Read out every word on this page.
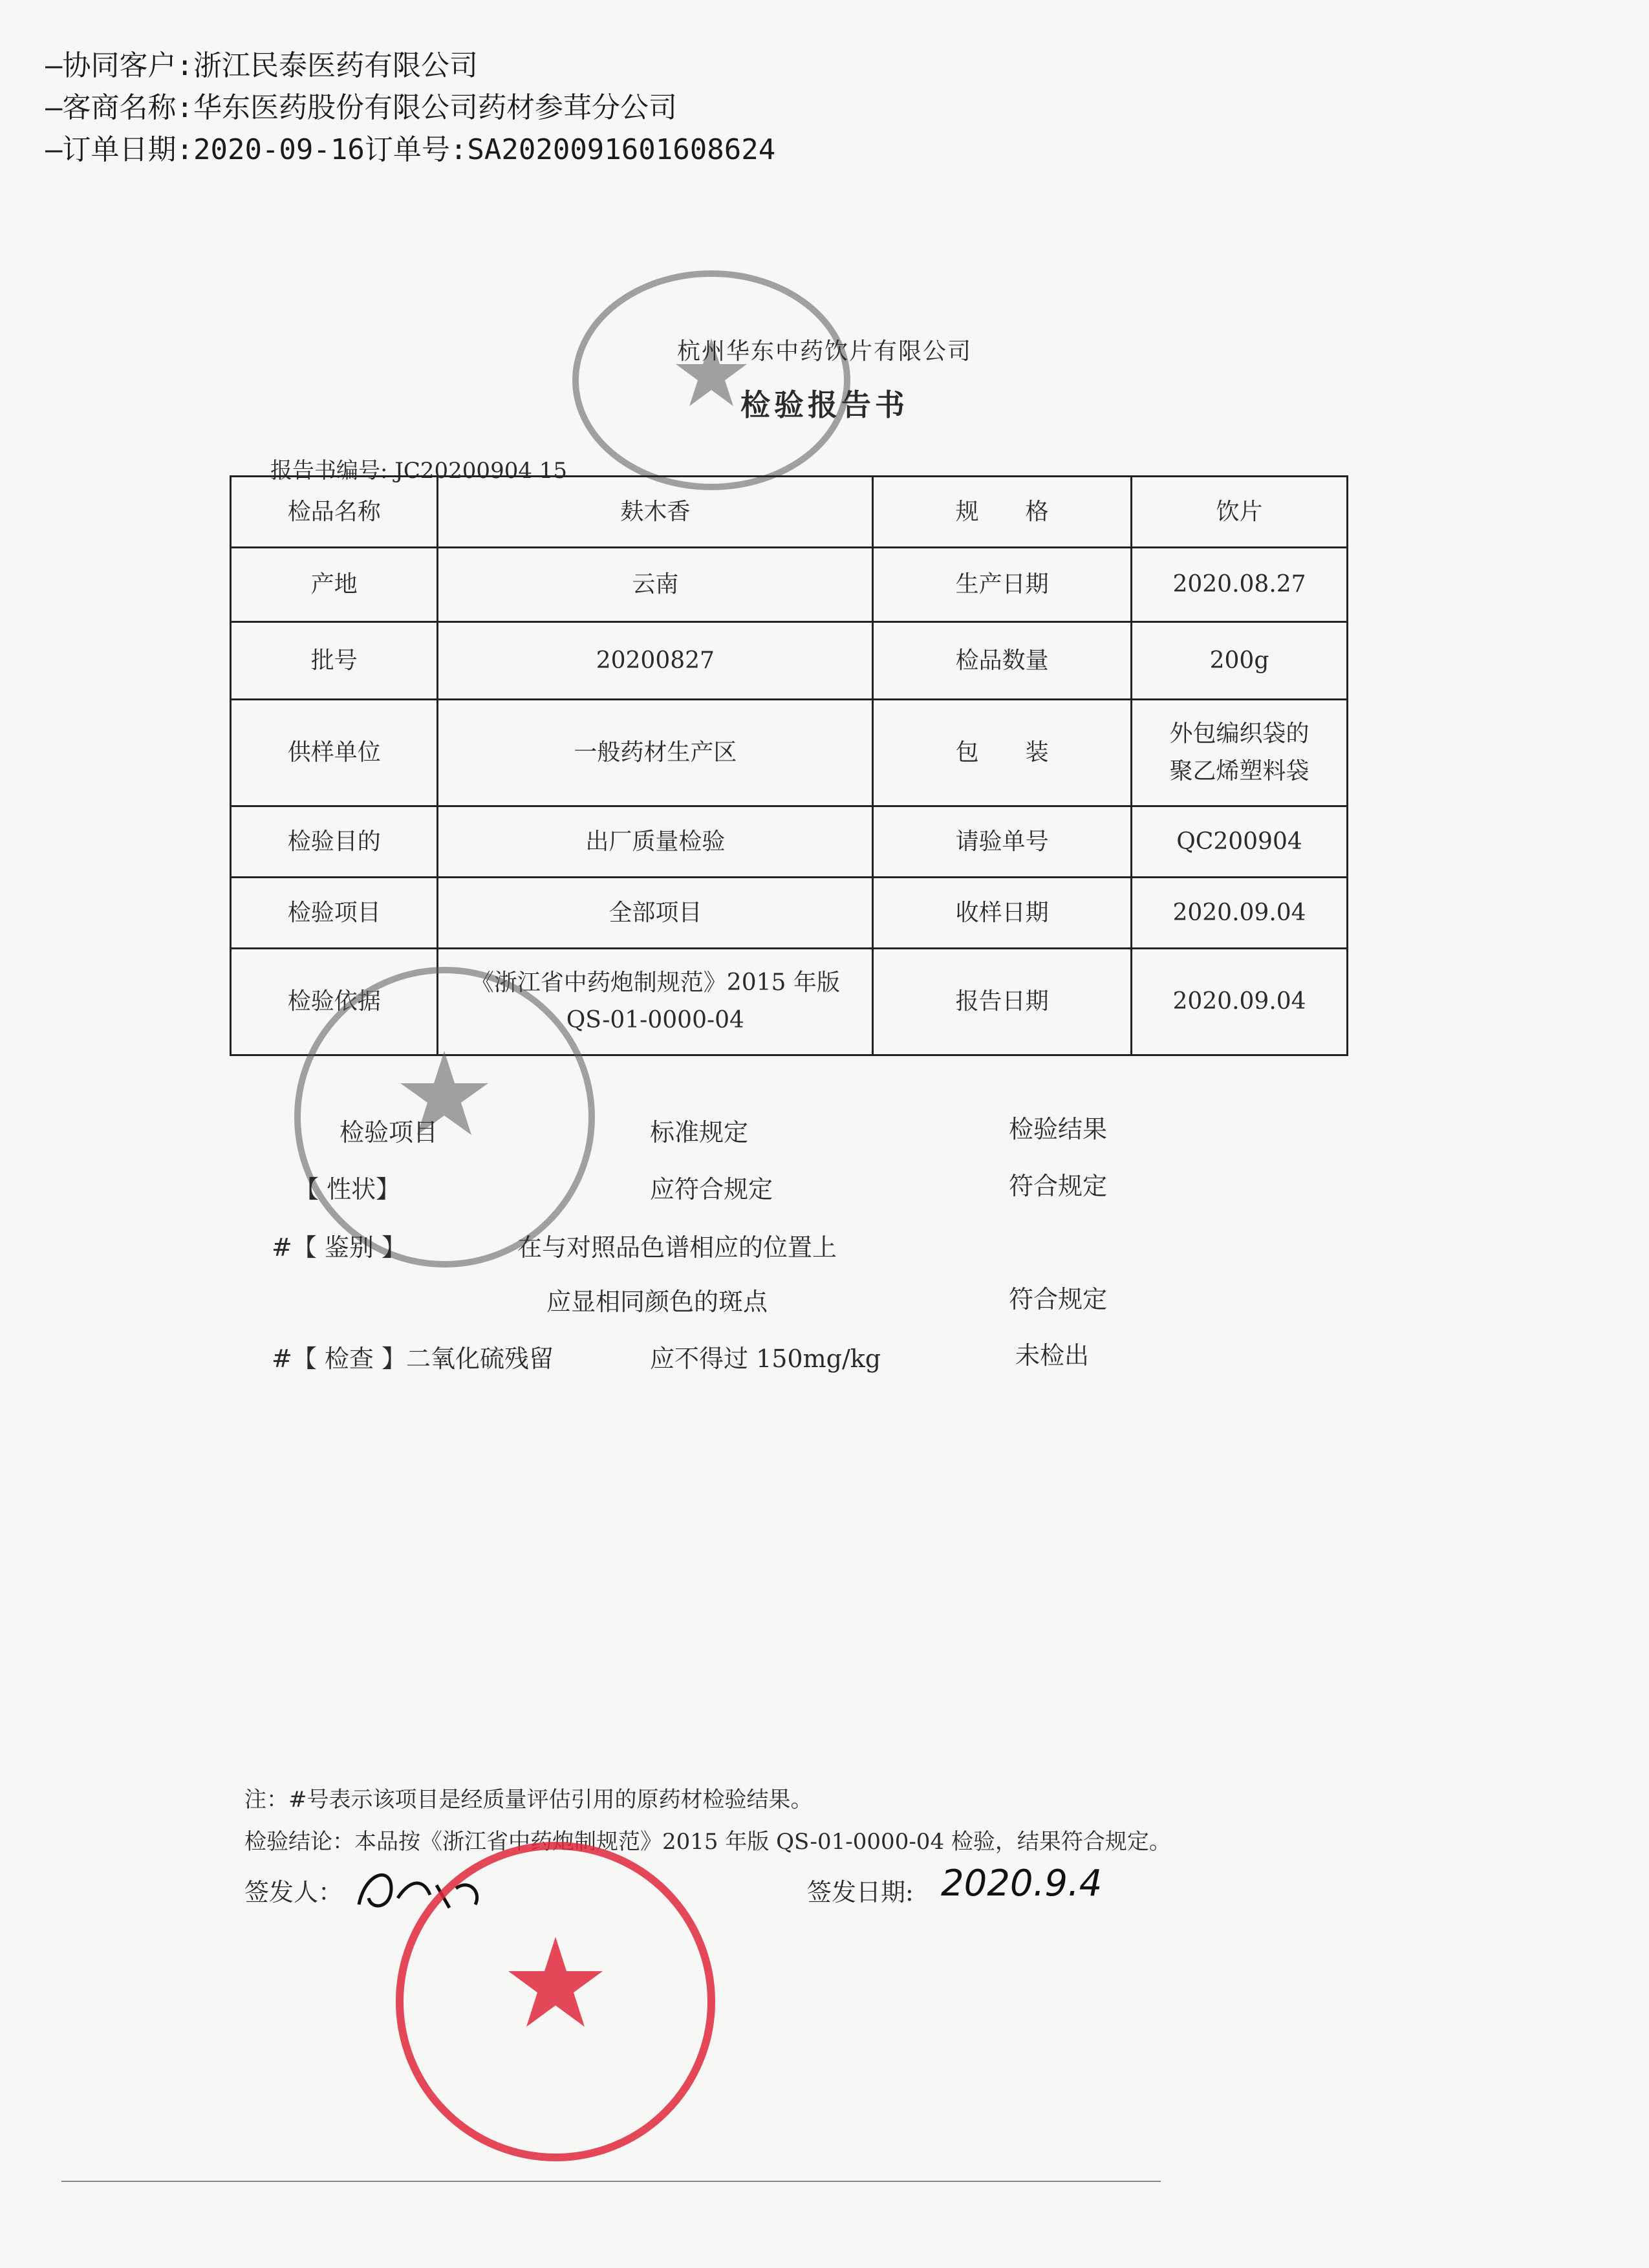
—协同客户:浙江民泰医药有限公司
—客商名称:华东医药股份有限公司药材参茸分公司
—订单日期:2020-09-16订单号:SA2020091601608624
杭州华东中药饮片有限公司
检验报告书
报告书编号: JC20200904 15
检品名称	麸木香	规　　格	饮片
产地	云南	生产日期	2020.08.27
批号	20200827	检品数量	200g
供样单位	一般药材生产区	包　　装	外包编织袋的
聚乙烯塑料袋

检验目的	出厂质量检验	请验单号	QC200904
检验项目	全部项目	收样日期	2020.09.04
检验依据	《浙江省中药炮制规范》2015 年版
QS-01-0000-04	报告日期	2020.09.04
检验项目	标准规定	检验结果
【 性状】	应符合规定	符合规定
#【 鉴别 】	在与对照品色谱相应的位置上
应显相同颜色的斑点	符合规定
#【 检查 】二氧化硫残留	应不得过 150mg/kg	未检出
注：#号表示该项目是经质量评估引用的原药材检验结果。
检验结论：本品按《浙江省中药炮制规范》2015 年版 QS-01-0000-04 检验，结果符合规定。
签发人：	签发日期: 2020.9.4
